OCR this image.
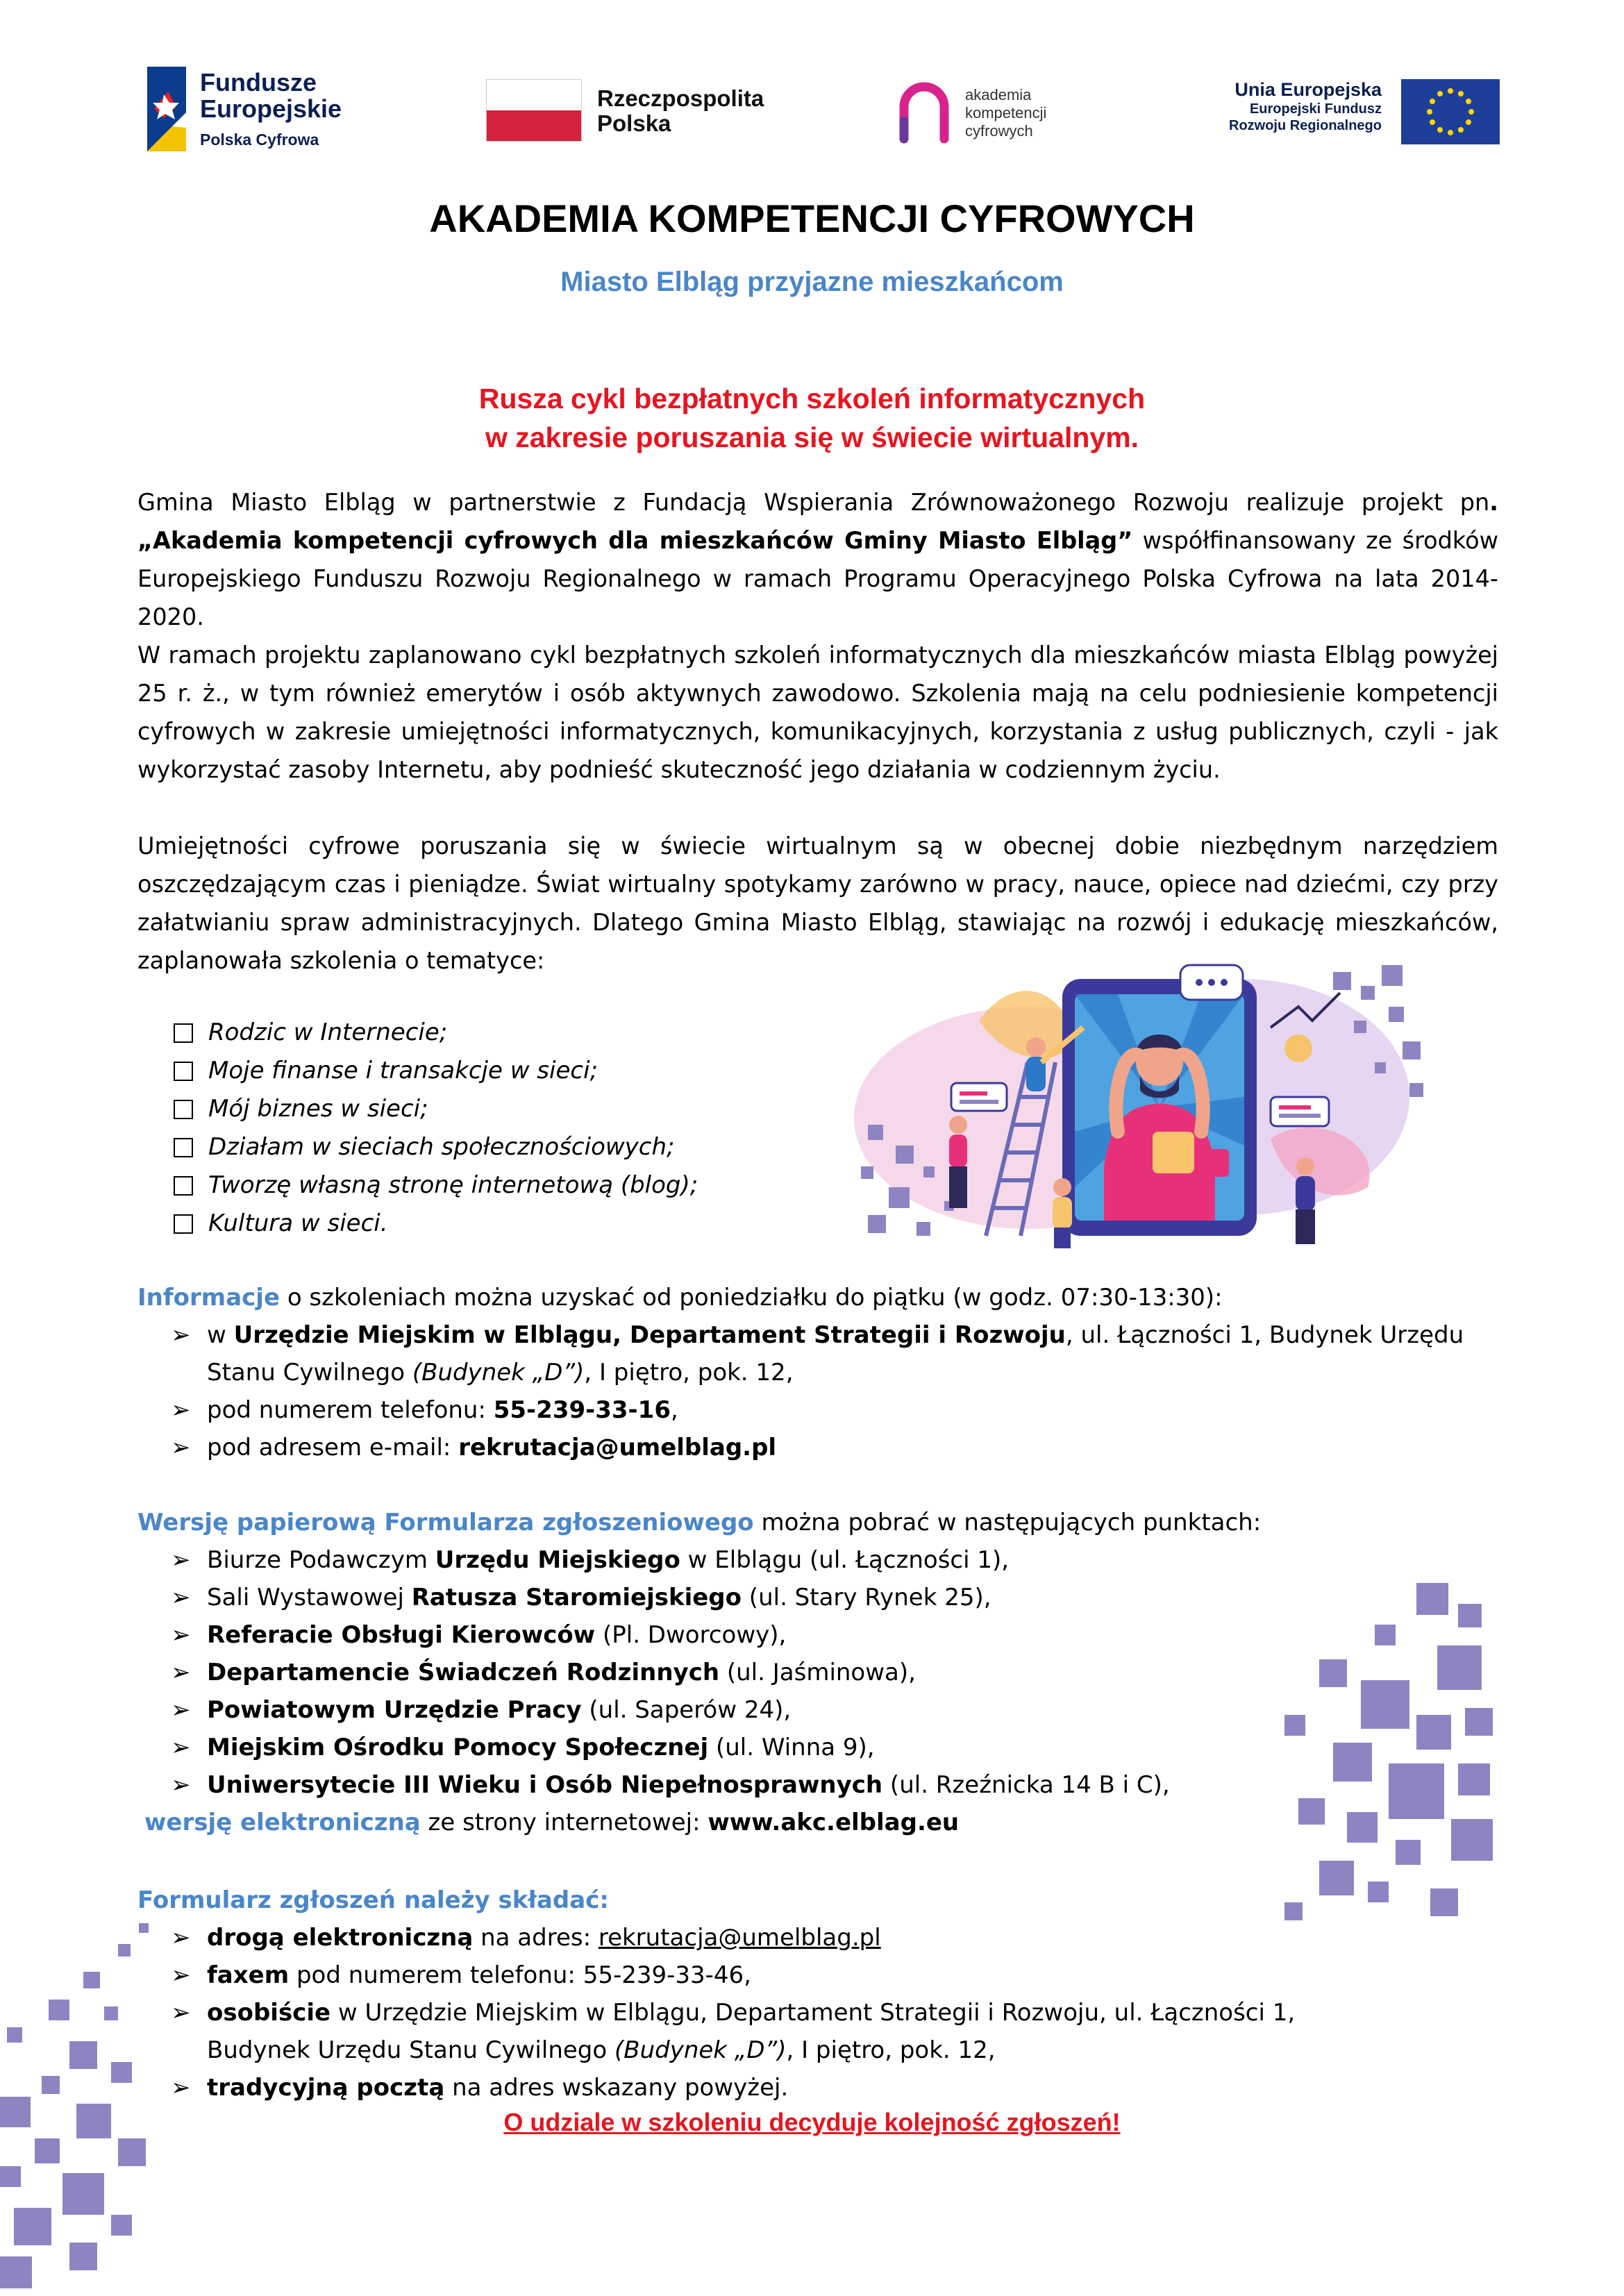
Fundusze
Europejskie
Polska Cyfrowa
Rzeczpospolita
Polska
akademia
kompetencji
cyfrowych
Unia Europejska
Europejski Fundusz
Rozwoju Regionalnego
AKADEMIA KOMPETENCJI CYFROWYCH
Miasto Elbląg przyjazne mieszkańcom
Rusza cykl bezpłatnych szkoleń informatycznych
w zakresie poruszania się w świecie wirtualnym.
Gmina Miasto Elbląg w partnerstwie z Fundacją Wspierania Zrównoważonego Rozwoju realizuje projekt pn. „Akademia kompetencji cyfrowych dla mieszkańców Gminy Miasto Elbląg” współfinansowany ze środków Europejskiego Funduszu Rozwoju Regionalnego w ramach Programu Operacyjnego Polska Cyfrowa na lata 2014-2020.
W ramach projektu zaplanowano cykl bezpłatnych szkoleń informatycznych dla mieszkańców miasta Elbląg powyżej 25 r. ż., w tym również emerytów i osób aktywnych zawodowo. Szkolenia mają na celu podniesienie kompetencji cyfrowych w zakresie umiejętności informatycznych, komunikacyjnych, korzystania z usług publicznych, czyli - jak wykorzystać zasoby Internetu, aby podnieść skuteczność jego działania w codziennym życiu.
Umiejętności cyfrowe poruszania się w świecie wirtualnym są w obecnej dobie niezbędnym narzędziem oszczędzającym czas i pieniądze. Świat wirtualny spotykamy zarówno w pracy, nauce, opiece nad dziećmi, czy przy załatwianiu spraw administracyjnych. Dlatego Gmina Miasto Elbląg, stawiając na rozwój i edukację mieszkańców, zaplanowała szkolenia o tematyce:
Rodzic w Internecie;
Moje finanse i transakcje w sieci;
Mój biznes w sieci;
Działam w sieciach społecznościowych;
Tworzę własną stronę internetową (blog);
Kultura w sieci.
Informacje o szkoleniach można uzyskać od poniedziałku do piątku (w godz. 07:30-13:30):
➢ w Urzędzie Miejskim w Elblągu, Departament Strategii i Rozwoju, ul. Łączności 1, Budynek Urzędu
Stanu Cywilnego (Budynek „D”), I piętro, pok. 12,
➢ pod numerem telefonu: 55-239-33-16,
➢ pod adresem e-mail: rekrutacja@umelblag.pl
Wersję papierową Formularza zgłoszeniowego można pobrać w następujących punktach:
➢ Biurze Podawczym Urzędu Miejskiego w Elblągu (ul. Łączności 1),
➢ Sali Wystawowej Ratusza Staromiejskiego (ul. Stary Rynek 25),
➢ Referacie Obsługi Kierowców (Pl. Dworcowy),
➢ Departamencie Świadczeń Rodzinnych (ul. Jaśminowa),
➢ Powiatowym Urzędzie Pracy (ul. Saperów 24),
➢ Miejskim Ośrodku Pomocy Społecznej (ul. Winna 9),
➢ Uniwersytecie III Wieku i Osób Niepełnosprawnych (ul. Rzeźnicka 14 B i C),
wersję elektroniczną ze strony internetowej: www.akc.elblag.eu
Formularz zgłoszeń należy składać:
➢ drogą elektroniczną na adres: rekrutacja@umelblag.pl
➢ faxem pod numerem telefonu: 55-239-33-46,
➢ osobiście w Urzędzie Miejskim w Elblągu, Departament Strategii i Rozwoju, ul. Łączności 1,
Budynek Urzędu Stanu Cywilnego (Budynek „D”), I piętro, pok. 12,
➢ tradycyjną pocztą na adres wskazany powyżej.
O udziale w szkoleniu decyduje kolejność zgłoszeń!
